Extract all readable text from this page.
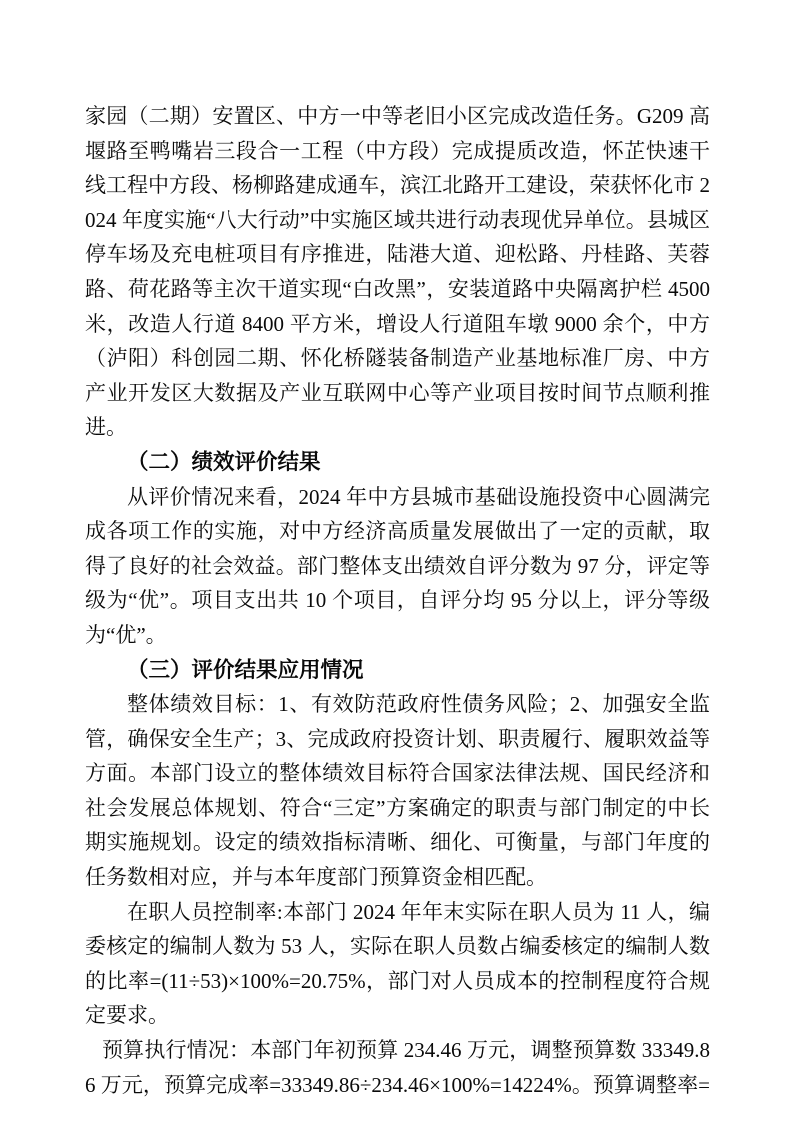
家园（二期）安置区、中方一中等老旧小区完成改造任务。G209 高堰路至鸭嘴岩三段合一工程（中方段）完成提质改造，怀芷快速干线工程中方段、杨柳路建成通车，滨江北路开工建设，荣获怀化市 2024 年度实施“八大行动”中实施区域共进行动表现优异单位。县城区停车场及充电桩项目有序推进，陆港大道、迎松路、丹桂路、芙蓉路、荷花路等主次干道实现“白改黑”，安装道路中央隔离护栏 4500 米，改造人行道 8400 平方米，增设人行道阻车墩 9000 余个，中方（泸阳）科创园二期、怀化桥隧装备制造产业基地标准厂房、中方产业开发区大数据及产业互联网中心等产业项目按时间节点顺利推进。

（二）绩效评价结果

从评价情况来看，2024 年中方县城市基础设施投资中心圆满完成各项工作的实施，对中方经济高质量发展做出了一定的贡献，取得了良好的社会效益。部门整体支出绩效自评分数为 97 分，评定等级为“优”。项目支出共 10 个项目，自评分均 95 分以上，评分等级为“优”。

（三）评价结果应用情况

整体绩效目标：1、有效防范政府性债务风险；2、加强安全监管，确保安全生产；3、完成政府投资计划、职责履行、履职效益等方面。本部门设立的整体绩效目标符合国家法律法规、国民经济和社会发展总体规划、符合“三定”方案确定的职责与部门制定的中长期实施规划。设定的绩效指标清晰、细化、可衡量，与部门年度的任务数相对应，并与本年度部门预算资金相匹配。

在职人员控制率:本部门 2024 年年末实际在职人员为 11 人，编委核定的编制人数为 53 人，实际在职人员数占编委核定的编制人数的比率=(11÷53)×100%=20.75%，部门对人员成本的控制程度符合规定要求。

预算执行情况：本部门年初预算 234.46 万元，调整预算数 33349.86 万元，预算完成率=33349.86÷234.46×100%=14224%。预算调整率=
